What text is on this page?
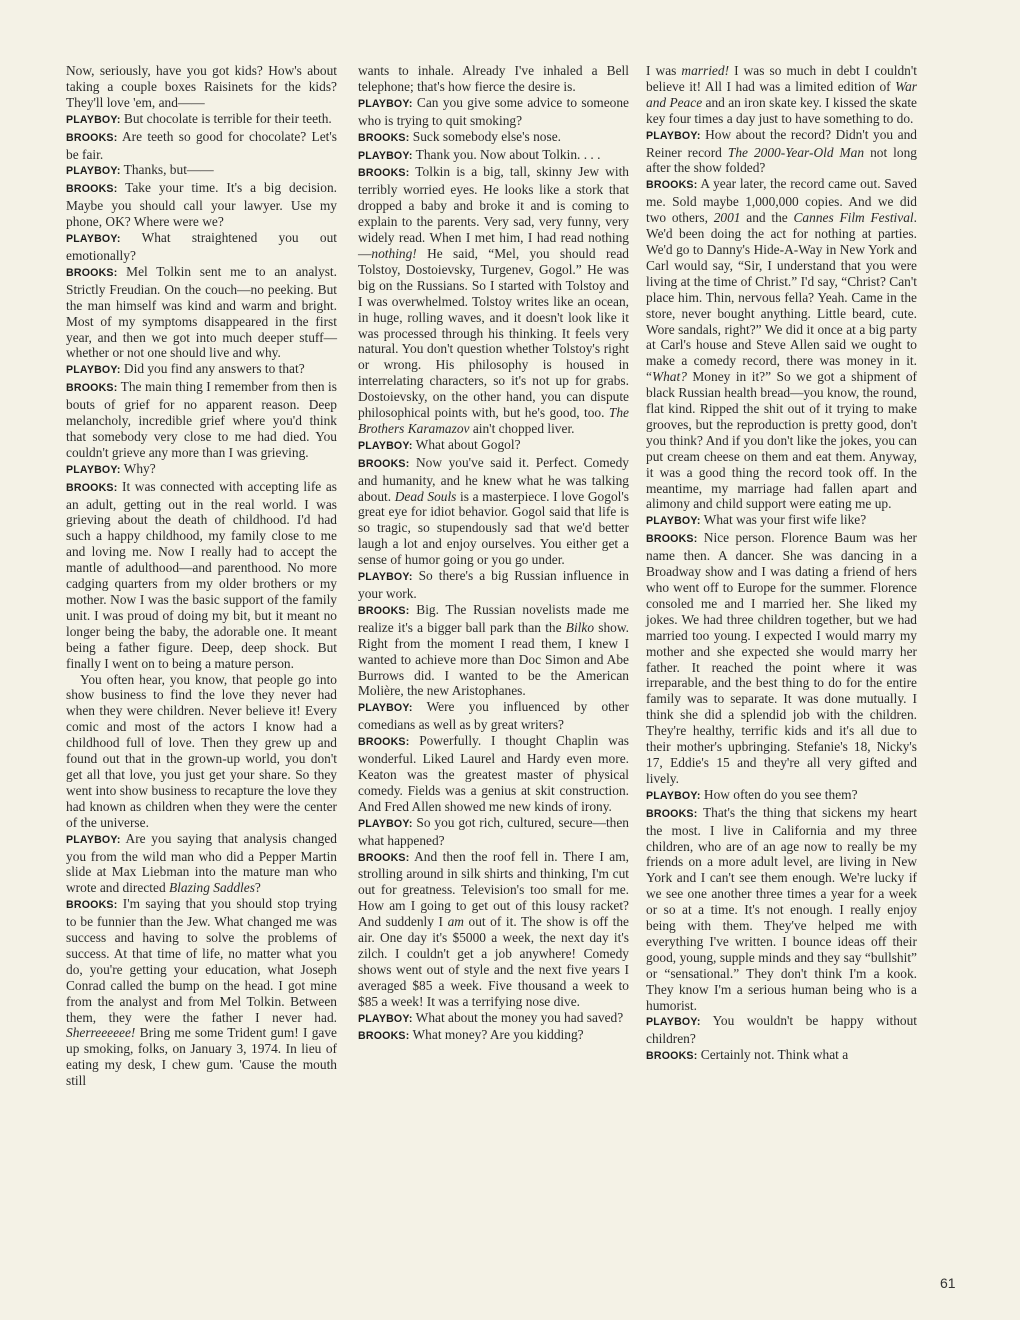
Now, seriously, have you got kids? How's about taking a couple boxes Raisinets for the kids? They'll love 'em, and——

PLAYBOY: But chocolate is terrible for their teeth.

BROOKS: Are teeth so good for chocolate? Let's be fair.

PLAYBOY: Thanks, but——

BROOKS: Take your time. It's a big decision. Maybe you should call your lawyer. Use my phone, OK? Where were we?

PLAYBOY: What straightened you out emotionally?

BROOKS: Mel Tolkin sent me to an analyst. Strictly Freudian. On the couch—no peeking. But the man himself was kind and warm and bright. Most of my symptoms disappeared in the first year, and then we got into much deeper stuff—whether or not one should live and why.

PLAYBOY: Did you find any answers to that?

BROOKS: The main thing I remember from then is bouts of grief for no apparent reason. Deep melancholy, incredible grief where you'd think that somebody very close to me had died. You couldn't grieve any more than I was grieving.

PLAYBOY: Why?

BROOKS: It was connected with accepting life as an adult, getting out in the real world. I was grieving about the death of childhood. I'd had such a happy childhood, my family close to me and loving me. Now I really had to accept the mantle of adulthood—and parenthood. No more cadging quarters from my older brothers or my mother. Now I was the basic support of the family unit. I was proud of doing my bit, but it meant no longer being the baby, the adorable one. It meant being a father figure. Deep, deep shock. But finally I went on to being a mature person.

You often hear, you know, that people go into show business to find the love they never had when they were children. Never believe it! Every comic and most of the actors I know had a childhood full of love. Then they grew up and found out that in the grown-up world, you don't get all that love, you just get your share. So they went into show business to recapture the love they had known as children when they were the center of the universe.

PLAYBOY: Are you saying that analysis changed you from the wild man who did a Pepper Martin slide at Max Liebman into the mature man who wrote and directed Blazing Saddles?

BROOKS: I'm saying that you should stop trying to be funnier than the Jew. What changed me was success and having to solve the problems of success. At that time of life, no matter what you do, you're getting your education, what Joseph Conrad called the bump on the head. I got mine from the analyst and from Mel Tolkin. Between them, they were the father I never had. Sherreeeeee! Bring me some Trident gum! I gave up smoking, folks, on January 3, 1974. In lieu of eating my desk, I chew gum. 'Cause the mouth still

wants to inhale. Already I've inhaled a Bell telephone; that's how fierce the desire is.

PLAYBOY: Can you give some advice to someone who is trying to quit smoking?

BROOKS: Suck somebody else's nose.

PLAYBOY: Thank you. Now about Tolkin. . . .

BROOKS: Tolkin is a big, tall, skinny Jew with terribly worried eyes. He looks like a stork that dropped a baby and broke it and is coming to explain to the parents. Very sad, very funny, very widely read. When I met him, I had read nothing—nothing! He said, “Mel, you should read Tolstoy, Dostoievsky, Turgenev, Gogol.” He was big on the Russians. So I started with Tolstoy and I was overwhelmed. Tolstoy writes like an ocean, in huge, rolling waves, and it doesn't look like it was processed through his thinking. It feels very natural. You don't question whether Tolstoy's right or wrong. His philosophy is housed in interrelating characters, so it's not up for grabs. Dostoievsky, on the other hand, you can dispute philosophical points with, but he's good, too. The Brothers Karamazov ain't chopped liver.

PLAYBOY: What about Gogol?

BROOKS: Now you've said it. Perfect. Comedy and humanity, and he knew what he was talking about. Dead Souls is a masterpiece. I love Gogol's great eye for idiot behavior. Gogol said that life is so tragic, so stupendously sad that we'd better laugh a lot and enjoy ourselves. You either get a sense of humor going or you go under.

PLAYBOY: So there's a big Russian influence in your work.

BROOKS: Big. The Russian novelists made me realize it's a bigger ball park than the Bilko show. Right from the moment I read them, I knew I wanted to achieve more than Doc Simon and Abe Burrows did. I wanted to be the American Molière, the new Aristophanes.

PLAYBOY: Were you influenced by other comedians as well as by great writers?

BROOKS: Powerfully. I thought Chaplin was wonderful. Liked Laurel and Hardy even more. Keaton was the greatest master of physical comedy. Fields was a genius at skit construction. And Fred Allen showed me new kinds of irony.

PLAYBOY: So you got rich, cultured, secure—then what happened?

BROOKS: And then the roof fell in. There I am, strolling around in silk shirts and thinking, I'm cut out for greatness. Television's too small for me. How am I going to get out of this lousy racket? And suddenly I am out of it. The show is off the air. One day it's $5000 a week, the next day it's zilch. I couldn't get a job anywhere! Comedy shows went out of style and the next five years I averaged $85 a week. Five thousand a week to $85 a week! It was a terrifying nose dive.

PLAYBOY: What about the money you had saved?

BROOKS: What money? Are you kidding?

I was married! I was so much in debt I couldn't believe it! All I had was a limited edition of War and Peace and an iron skate key. I kissed the skate key four times a day just to have something to do.

PLAYBOY: How about the record? Didn't you and Reiner record The 2000-Year-Old Man not long after the show folded?

BROOKS: A year later, the record came out. Saved me. Sold maybe 1,000,000 copies. And we did two others, 2001 and the Cannes Film Festival. We'd been doing the act for nothing at parties. We'd go to Danny's Hide-A-Way in New York and Carl would say, “Sir, I understand that you were living at the time of Christ.” I'd say, “Christ? Can't place him. Thin, nervous fella? Yeah. Came in the store, never bought anything. Little beard, cute. Wore sandals, right?” We did it once at a big party at Carl's house and Steve Allen said we ought to make a comedy record, there was money in it. “What? Money in it?” So we got a shipment of black Russian health bread—you know, the round, flat kind. Ripped the shit out of it trying to make grooves, but the reproduction is pretty good, don't you think? And if you don't like the jokes, you can put cream cheese on them and eat them. Anyway, it was a good thing the record took off. In the meantime, my marriage had fallen apart and alimony and child support were eating me up.

PLAYBOY: What was your first wife like?

BROOKS: Nice person. Florence Baum was her name then. A dancer. She was dancing in a Broadway show and I was dating a friend of hers who went off to Europe for the summer. Florence consoled me and I married her. She liked my jokes. We had three children together, but we had married too young. I expected I would marry my mother and she expected she would marry her father. It reached the point where it was irreparable, and the best thing to do for the entire family was to separate. It was done mutually. I think she did a splendid job with the children. They're healthy, terrific kids and it's all due to their mother's upbringing. Stefanie's 18, Nicky's 17, Eddie's 15 and they're all very gifted and lively.

PLAYBOY: How often do you see them?

BROOKS: That's the thing that sickens my heart the most. I live in California and my three children, who are of an age now to really be my friends on a more adult level, are living in New York and I can't see them enough. We're lucky if we see one another three times a year for a week or so at a time. It's not enough. I really enjoy being with them. They've helped me with everything I've written. I bounce ideas off their good, young, supple minds and they say “bullshit” or “sensational.” They don't think I'm a kook. They know I'm a serious human being who is a humorist.

PLAYBOY: You wouldn't be happy without children?

BROOKS: Certainly not. Think what a

61
